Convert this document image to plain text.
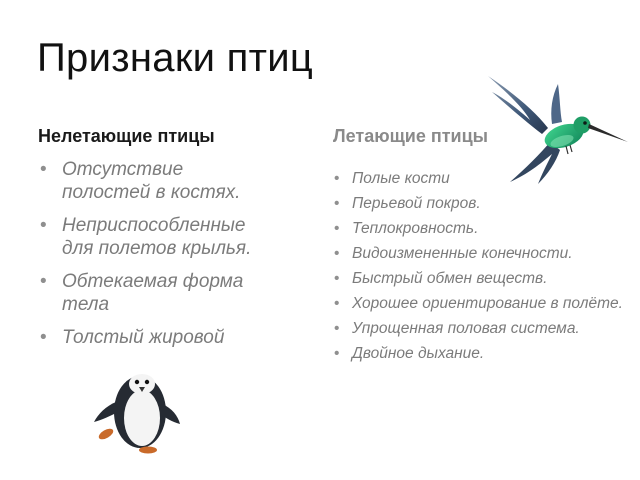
Признаки птиц
Нелетающие птицы
• Отсутствие полостей в костях.
• Неприспособленные для полетов крылья.
• Обтекаемая форма тела
• Толстый жировой
Летающие птицы
• Полые кости
• Перьевой покров.
• Теплокровность.
• Видоизмененные конечности.
• Быстрый обмен веществ.
• Хорошее ориентирование в полёте.
• Упрощенная половая система.
• Двойное дыхание.
